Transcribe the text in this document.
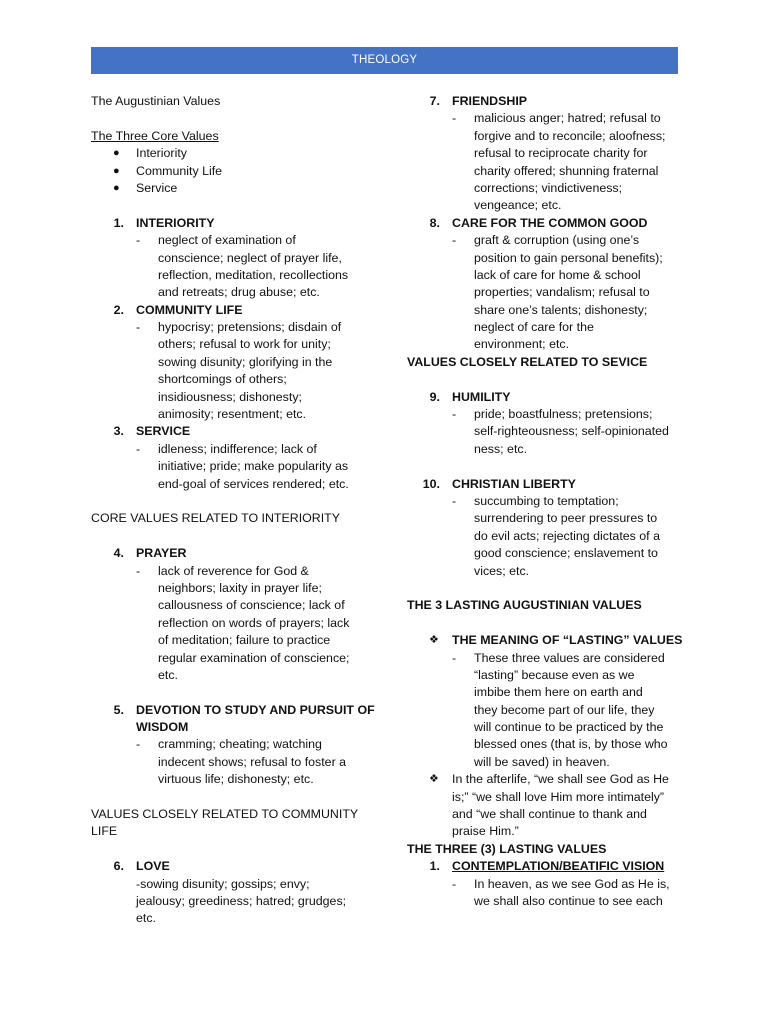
THEOLOGY
The Augustinian Values
The Three Core Values
● Interiority
● Community Life
● Service
1. INTERIORITY
- neglect of examination of
conscience; neglect of prayer life,
reflection, meditation, recollections
and retreats; drug abuse; etc.
2. COMMUNITY LIFE
- hypocrisy; pretensions; disdain of
others; refusal to work for unity;
sowing disunity; glorifying in the
shortcomings of others;
insidiousness; dishonesty;
animosity; resentment; etc.
3. SERVICE
- idleness; indifference; lack of
initiative; pride; make popularity as
end-goal of services rendered; etc.
CORE VALUES RELATED TO INTERIORITY
4. PRAYER
- lack of reverence for God &
neighbors; laxity in prayer life;
callousness of conscience; lack of
reflection on words of prayers; lack
of meditation; failure to practice
regular examination of conscience;
etc.
5. DEVOTION TO STUDY AND PURSUIT OF
WISDOM
- cramming; cheating; watching
indecent shows; refusal to foster a
virtuous life; dishonesty; etc.
VALUES CLOSELY RELATED TO COMMUNITY
LIFE
6. LOVE
-sowing disunity; gossips; envy;
jealousy; greediness; hatred; grudges;
etc.
7. FRIENDSHIP
- malicious anger; hatred; refusal to
forgive and to reconcile; aloofness;
refusal to reciprocate charity for
charity offered; shunning fraternal
corrections; vindictiveness;
vengeance; etc.
8. CARE FOR THE COMMON GOOD
- graft & corruption (using one’s
position to gain personal benefits);
lack of care for home & school
properties; vandalism; refusal to
share one’s talents; dishonesty;
neglect of care for the
environment; etc.
VALUES CLOSELY RELATED TO SEVICE
9. HUMILITY
- pride; boastfulness; pretensions;
self-righteousness; self-opinionated
ness; etc.
10. CHRISTIAN LIBERTY
- succumbing to temptation;
surrendering to peer pressures to
do evil acts; rejecting dictates of a
good conscience; enslavement to
vices; etc.
THE 3 LASTING AUGUSTINIAN VALUES
❖ THE MEANING OF “LASTING” VALUES
- These three values are considered
“lasting” because even as we
imbibe them here on earth and
they become part of our life, they
will continue to be practiced by the
blessed ones (that is, by those who
will be saved) in heaven.
❖ In the afterlife, “we shall see God as He
is;” “we shall love Him more intimately”
and “we shall continue to thank and
praise Him.”
THE THREE (3) LASTING VALUES
1. CONTEMPLATION/BEATIFIC VISION
- In heaven, as we see God as He is,
we shall also continue to see each
